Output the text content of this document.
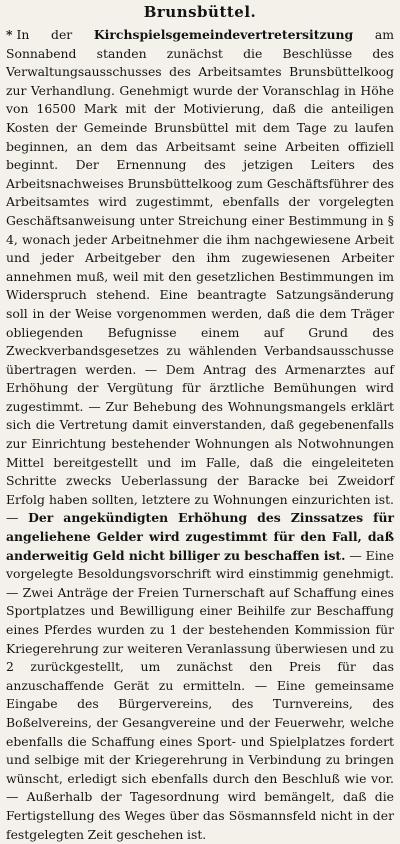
Brunsbüttel.

* In der Kirchspielsgemeindevertretersitzung am Sonnabend standen zunächst die Beschlüsse des Verwaltungsausschusses des Arbeitsamtes Brunsbüttelkoog zur Verhandlung. Genehmigt wurde der Voranschlag in Höhe von 16500 Mark mit der Motivierung, daß die anteiligen Kosten der Gemeinde Brunsbüttel mit dem Tage zu laufen beginnen, an dem das Arbeitsamt seine Arbeiten offiziell beginnt. Der Ernennung des jetzigen Leiters des Arbeitsnachweises Brunsbüttelkoog zum Geschäftsführer des Arbeitsamtes wird zugestimmt, ebenfalls der vorgelegten Geschäftsanweisung unter Streichung einer Bestimmung in § 4, wonach jeder Arbeitnehmer die ihm nachgewiesene Arbeit und jeder Arbeitgeber den ihm zugewiesenen Arbeiter annehmen muß, weil mit den gesetzlichen Bestimmungen im Widerspruch stehend. Eine beantragte Satzungsänderung soll in der Weise vorgenommen werden, daß die dem Träger obliegenden Befugnisse einem auf Grund des Zweckverbandsgesetzes zu wählenden Verbandsausschusse übertragen werden. — Dem Antrag des Armenarztes auf Erhöhung der Vergütung für ärztliche Bemühungen wird zugestimmt. — Zur Behebung des Wohnungsmangels erklärt sich die Vertretung damit einverstanden, daß gegebenenfalls zur Einrichtung bestehender Wohnungen als Notwohnungen Mittel bereitgestellt und im Falle, daß die eingeleiteten Schritte zwecks Ueberlassung der Baracke bei Zweidorf Erfolg haben sollten, letztere zu Wohnungen einzurichten ist. — Der angekündigten Erhöhung des Zinssatzes für angeliehene Gelder wird zugestimmt für den Fall, daß anderweitig Geld nicht billiger zu beschaffen ist. — Eine vorgelegte Besoldungsvorschrift wird einstimmig genehmigt. — Zwei Anträge der Freien Turnerschaft auf Schaffung eines Sportplatzes und Bewilligung einer Beihilfe zur Beschaffung eines Pferdes wurden zu 1 der bestehenden Kommission für Kriegerehrung zur weiteren Veranlassung überwiesen und zu 2 zurückgestellt, um zunächst den Preis für das anzuschaffende Gerät zu ermitteln. — Eine gemeinsame Eingabe des Bürgervereins, des Turnvereins, des Boßelvereins, der Gesangvereine und der Feuerwehr, welche ebenfalls die Schaffung eines Sport- und Spielplatzes fordert und selbige mit der Kriegerehrung in Verbindung zu bringen wünscht, erledigt sich ebenfalls durch den Beschluß wie vor. — Außerhalb der Tagesordnung wird bemängelt, daß die Fertigstellung des Weges über das Sösmannsfeld nicht in der festgelegten Zeit geschehen ist.
